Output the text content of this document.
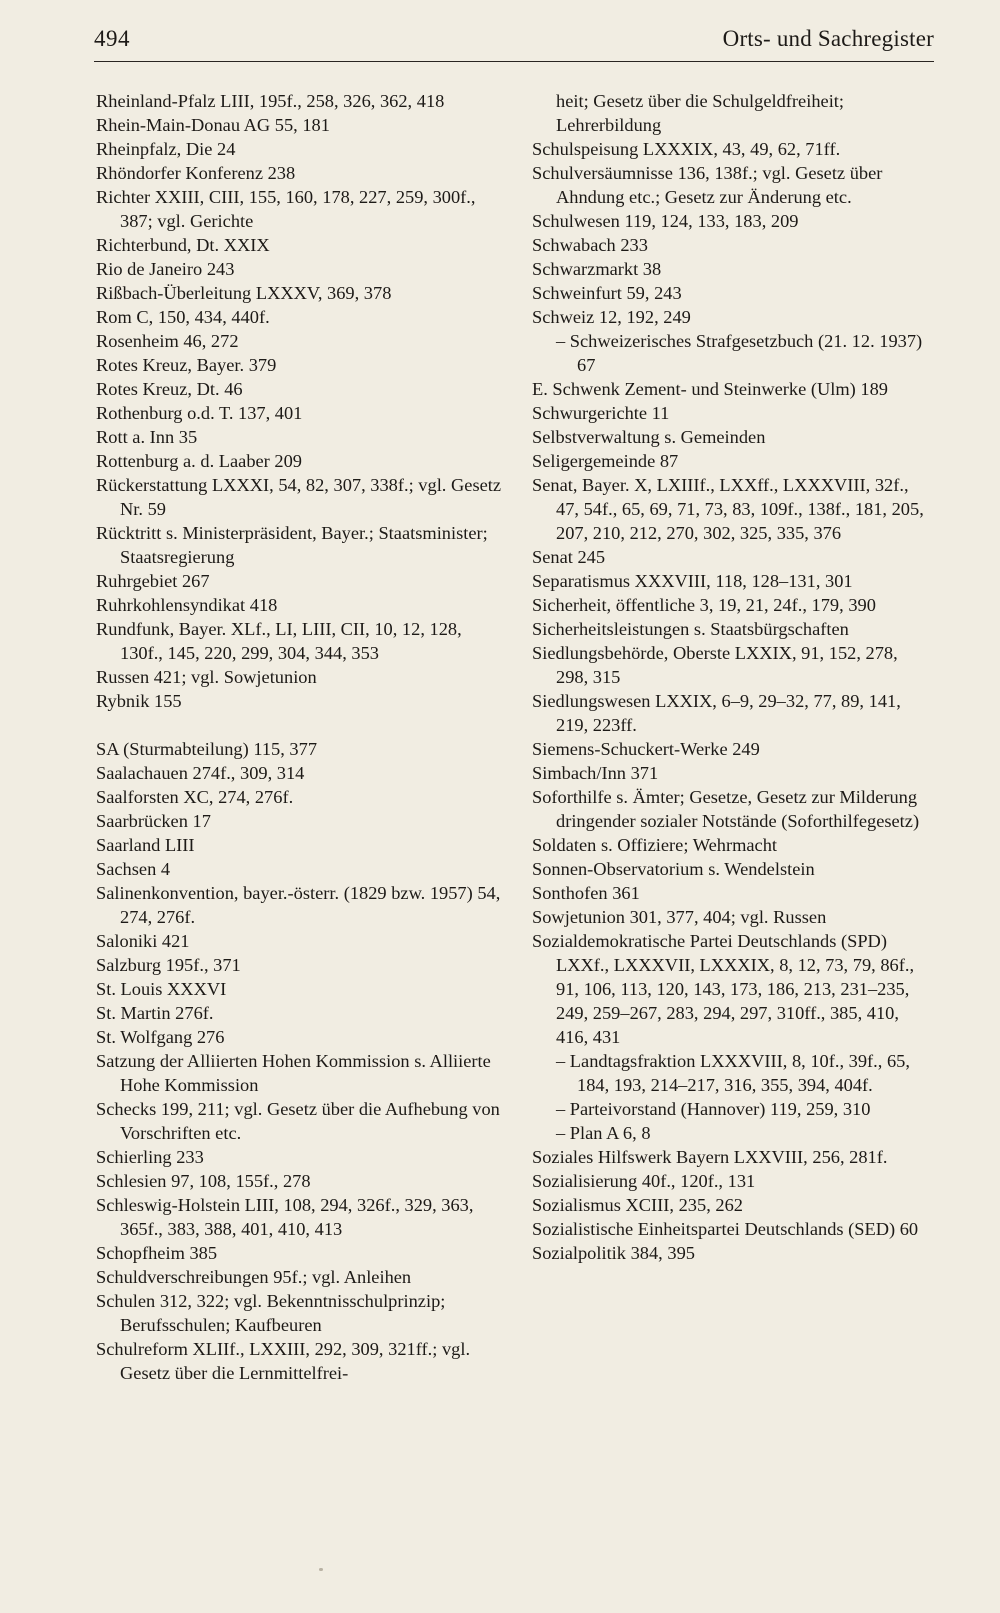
494	Orts- und Sachregister
Rheinland-Pfalz LIII, 195f., 258, 326, 362, 418
Rhein-Main-Donau AG 55, 181
Rheinpfalz, Die 24
Rhöndorfer Konferenz 238
Richter XXIII, CIII, 155, 160, 178, 227, 259, 300f., 387; vgl. Gerichte
Richterbund, Dt. XXIX
Rio de Janeiro 243
Rißbach-Überleitung LXXXV, 369, 378
Rom C, 150, 434, 440f.
Rosenheim 46, 272
Rotes Kreuz, Bayer. 379
Rotes Kreuz, Dt. 46
Rothenburg o.d. T. 137, 401
Rott a. Inn 35
Rottenburg a. d. Laaber 209
Rückerstattung LXXXI, 54, 82, 307, 338f.; vgl. Gesetz Nr. 59
Rücktritt s. Ministerpräsident, Bayer.; Staatsminister; Staatsregierung
Ruhrgebiet 267
Ruhrkohlensyndikat 418
Rundfunk, Bayer. XLf., LI, LIII, CII, 10, 12, 128, 130f., 145, 220, 299, 304, 344, 353
Russen 421; vgl. Sowjetunion
Rybnik 155
SA (Sturmabteilung) 115, 377
Saalachauen 274f., 309, 314
Saalforsten XC, 274, 276f.
Saarbrücken 17
Saarland LIII
Sachsen 4
Salinenkonvention, bayer.-österr. (1829 bzw. 1957) 54, 274, 276f.
Saloniki 421
Salzburg 195f., 371
St. Louis XXXVI
St. Martin 276f.
St. Wolfgang 276
Satzung der Alliierten Hohen Kommission s. Alliierte Hohe Kommission
Schecks 199, 211; vgl. Gesetz über die Aufhebung von Vorschriften etc.
Schierling 233
Schlesien 97, 108, 155f., 278
Schleswig-Holstein LIII, 108, 294, 326f., 329, 363, 365f., 383, 388, 401, 410, 413
Schopfheim 385
Schuldverschreibungen 95f.; vgl. Anleihen
Schulen 312, 322; vgl. Bekenntnisschulprinzip; Berufsschulen; Kaufbeuren
Schulreform XLIIf., LXXIII, 292, 309, 321ff.; vgl. Gesetz über die Lernmittelfrei-
heit; Gesetz über die Schulgeldfreiheit; Lehrerbildung
Schulspeisung LXXXIX, 43, 49, 62, 71ff.
Schulversäumnisse 136, 138f.; vgl. Gesetz über Ahndung etc.; Gesetz zur Änderung etc.
Schulwesen 119, 124, 133, 183, 209
Schwabach 233
Schwarzmarkt 38
Schweinfurt 59, 243
Schweiz 12, 192, 249
– Schweizerisches Strafgesetzbuch (21. 12. 1937) 67
E. Schwenk Zement- und Steinwerke (Ulm) 189
Schwurgerichte 11
Selbstverwaltung s. Gemeinden
Seligergemeinde 87
Senat, Bayer. X, LXIIIf., LXXff., LXXXVIII, 32f., 47, 54f., 65, 69, 71, 73, 83, 109f., 138f., 181, 205, 207, 210, 212, 270, 302, 325, 335, 376
Senat 245
Separatismus XXXVIII, 118, 128–131, 301
Sicherheit, öffentliche 3, 19, 21, 24f., 179, 390
Sicherheitsleistungen s. Staatsbürgschaften
Siedlungsbehörde, Oberste LXXIX, 91, 152, 278, 298, 315
Siedlungswesen LXXIX, 6–9, 29–32, 77, 89, 141, 219, 223ff.
Siemens-Schuckert-Werke 249
Simbach/Inn 371
Soforthilfe s. Ämter; Gesetze, Gesetz zur Milderung dringender sozialer Notstände (Soforthilfegesetz)
Soldaten s. Offiziere; Wehrmacht
Sonnen-Observatorium s. Wendelstein
Sonthofen 361
Sowjetunion 301, 377, 404; vgl. Russen
Sozialdemokratische Partei Deutschlands (SPD) LXXf., LXXXVII, LXXXIX, 8, 12, 73, 79, 86f., 91, 106, 113, 120, 143, 173, 186, 213, 231–235, 249, 259–267, 283, 294, 297, 310ff., 385, 410, 416, 431
– Landtagsfraktion LXXXVIII, 8, 10f., 39f., 65, 184, 193, 214–217, 316, 355, 394, 404f.
– Parteivorstand (Hannover) 119, 259, 310
– Plan A 6, 8
Soziales Hilfswerk Bayern LXXVIII, 256, 281f.
Sozialisierung 40f., 120f., 131
Sozialismus XCIII, 235, 262
Sozialistische Einheitspartei Deutschlands (SED) 60
Sozialpolitik 384, 395
